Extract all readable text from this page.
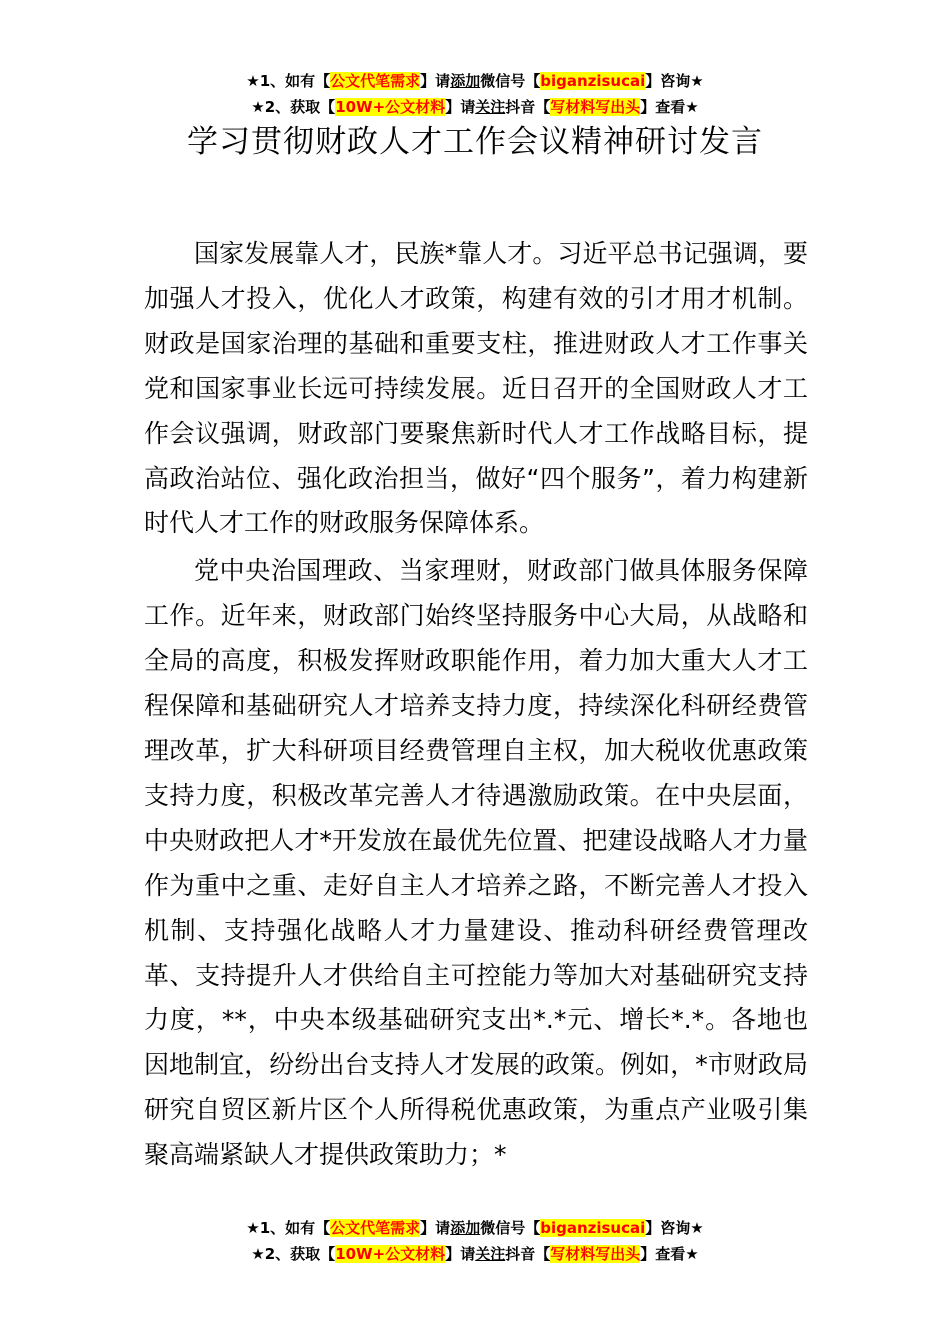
★1、如有【公文代笔需求】请添加微信号【biganzisucai】咨询★
★2、获取【10W+公文材料】请关注抖音【写材料写出头】查看★
学习贯彻财政人才工作会议精神研讨发言

国家发展靠人才，民族*靠人才。习近平总书记强调，要加强人才投入，优化人才政策，构建有效的引才用才机制。财政是国家治理的基础和重要支柱，推进财政人才工作事关党和国家事业长远可持续发展。近日召开的全国财政人才工作会议强调，财政部门要聚焦新时代人才工作战略目标，提高政治站位、强化政治担当，做好“四个服务”，着力构建新时代人才工作的财政服务保障体系。

党中央治国理政、当家理财，财政部门做具体服务保障工作。近年来，财政部门始终坚持服务中心大局，从战略和全局的高度，积极发挥财政职能作用，着力加大重大人才工程保障和基础研究人才培养支持力度，持续深化科研经费管理改革，扩大科研项目经费管理自主权，加大税收优惠政策支持力度，积极改革完善人才待遇激励政策。在中央层面，中央财政把人才*开发放在最优先位置、把建设战略人才力量作为重中之重、走好自主人才培养之路，不断完善人才投入机制、支持强化战略人才力量建设、推动科研经费管理改革、支持提升人才供给自主可控能力等加大对基础研究支持力度，**，中央本级基础研究支出*.*元、增长*.*。各地也因地制宜，纷纷出台支持人才发展的政策。例如，*市财政局研究自贸区新片区个人所得税优惠政策，为重点产业吸引集聚高端紧缺人才提供政策助力；*

★1、如有【公文代笔需求】请添加微信号【biganzisucai】咨询★
★2、获取【10W+公文材料】请关注抖音【写材料写出头】查看★
